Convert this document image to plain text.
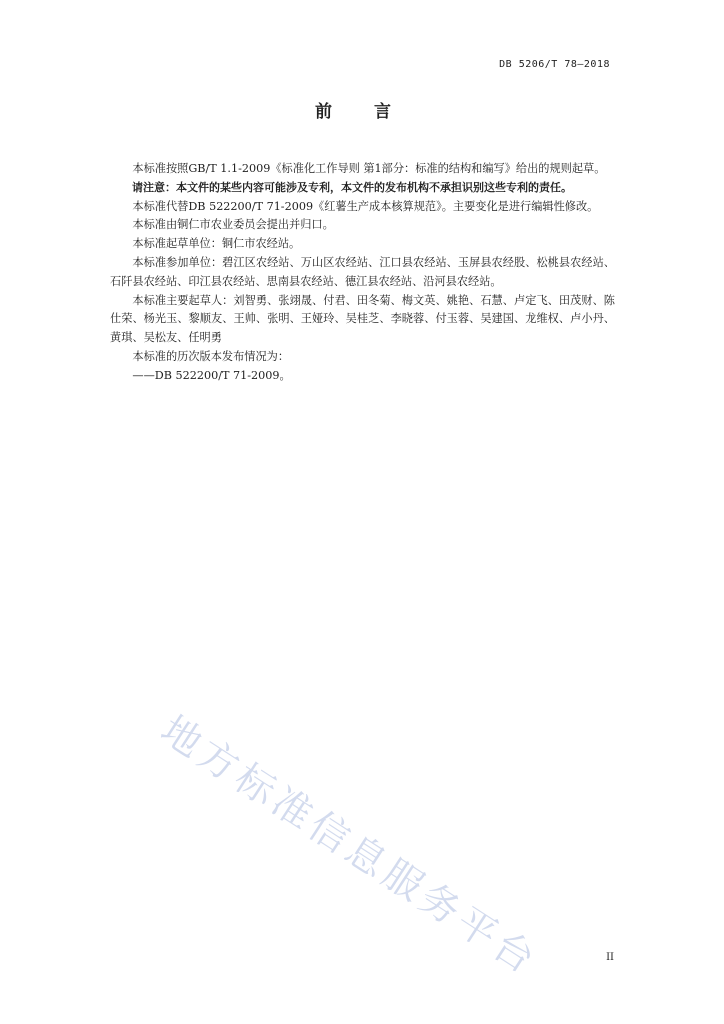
DB 5206/T 78—2018
前 言

本标准按照GB/T 1.1-2009《标准化工作导则 第1部分：标准的结构和编写》给出的规则起草。

请注意：本文件的某些内容可能涉及专利，本文件的发布机构不承担识别这些专利的责任。

本标准代替DB 522200/T 71-2009《红薯生产成本核算规范》。主要变化是进行编辑性修改。

本标准由铜仁市农业委员会提出并归口。

本标准起草单位：铜仁市农经站。

本标准参加单位：碧江区农经站、万山区农经站、江口县农经站、玉屏县农经股、松桃县农经站、石阡县农经站、印江县农经站、思南县农经站、德江县农经站、沿河县农经站。

本标准主要起草人：刘智勇、张翊晟、付君、田冬菊、梅文英、姚艳、石慧、卢定飞、田茂财、陈仕荣、杨光玉、黎顺友、王帅、张明、王娅玲、吴桂芝、李晓蓉、付玉蓉、吴建国、龙维权、卢小丹、黄琪、吴松友、任明勇

本标准的历次版本发布情况为：

——DB 522200/T 71-2009。

地方标准信息服务平台	II
